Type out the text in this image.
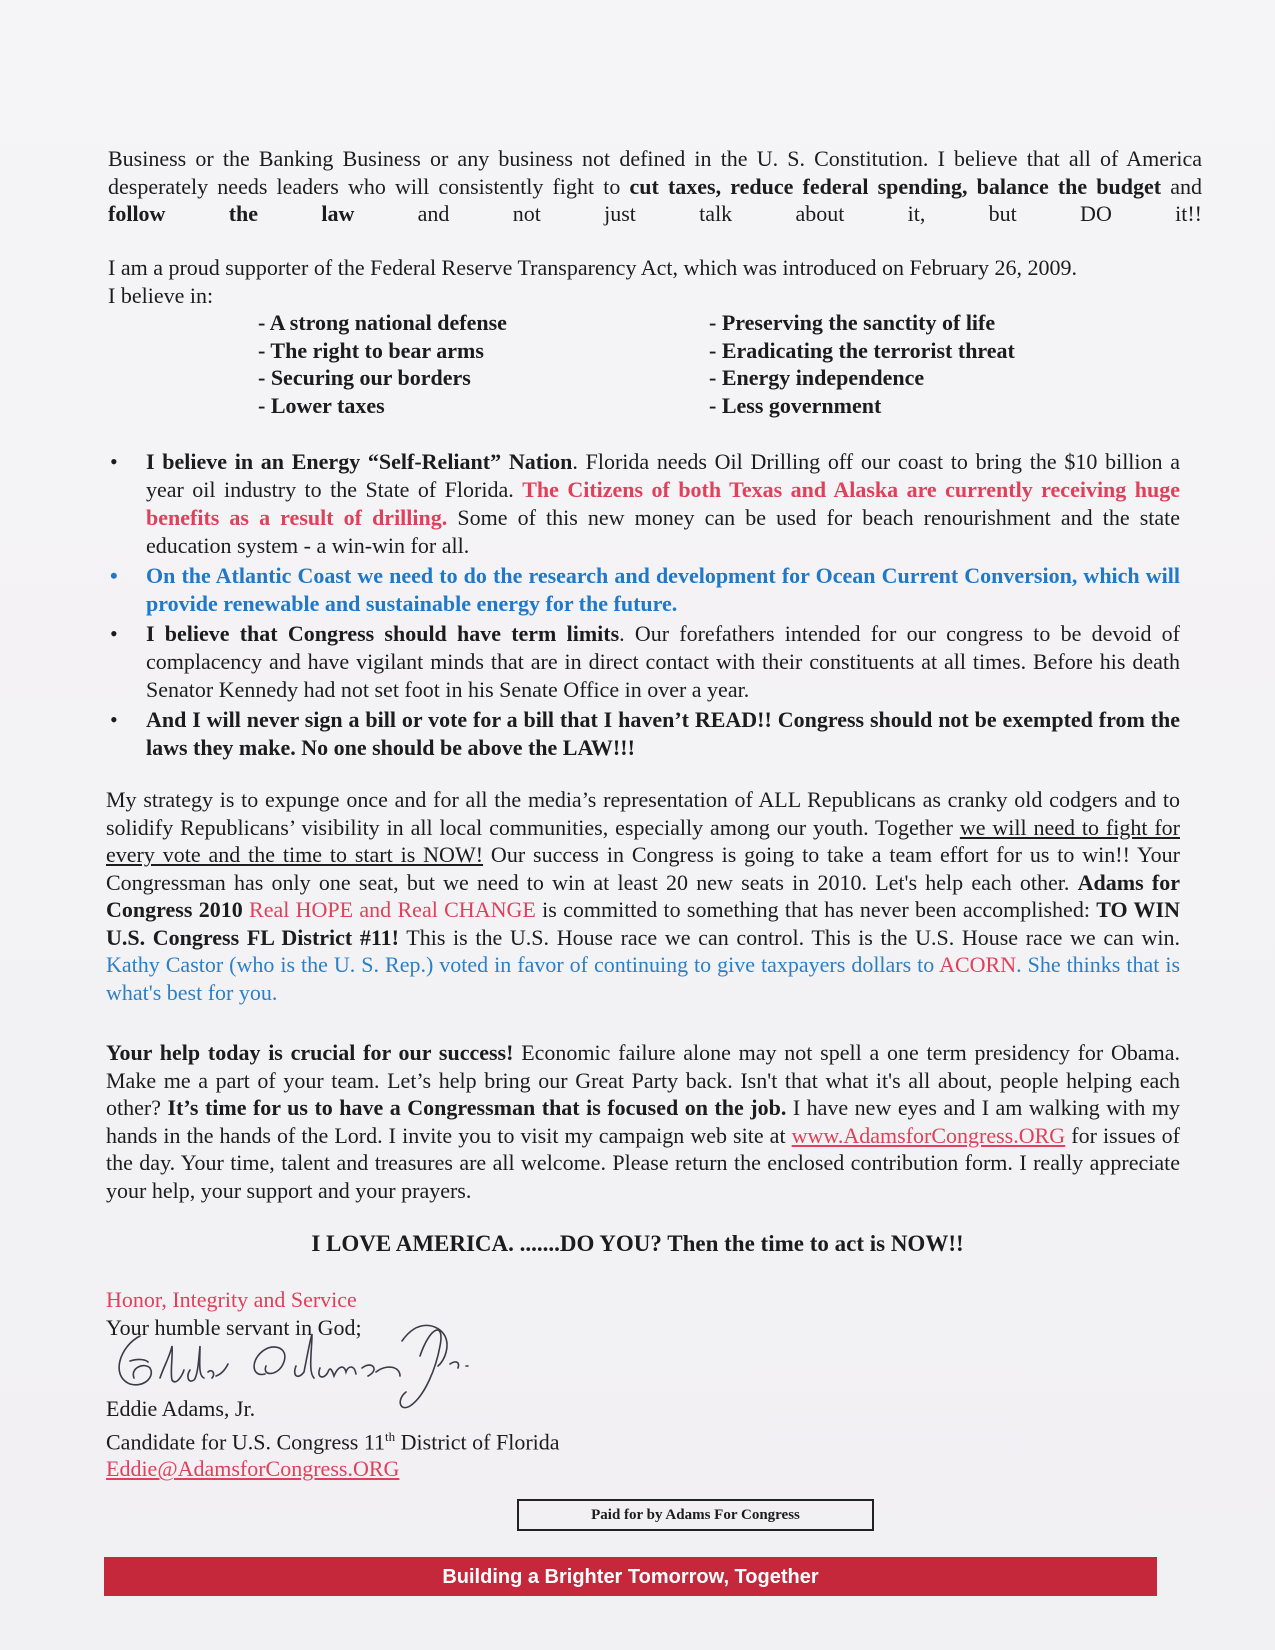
Business or the Banking Business or any business not defined in the U. S. Constitution. I believe that all of America desperately needs leaders who will consistently fight to cut taxes, reduce federal spending, balance the budget and follow the law and not just talk about it, but DO it!!
I am a proud supporter of the Federal Reserve Transparency Act, which was introduced on February 26, 2009.
I believe in:
- A strong national defense
- The right to bear arms
- Securing our borders
- Lower taxes
- Preserving the sanctity of life
- Eradicating the terrorist threat
- Energy independence
- Less government
• I believe in an Energy “Self-Reliant” Nation. Florida needs Oil Drilling off our coast to bring the $10 billion a year oil industry to the State of Florida. The Citizens of both Texas and Alaska are currently receiving huge benefits as a result of drilling. Some of this new money can be used for beach renourishment and the state education system - a win-win for all.
• On the Atlantic Coast we need to do the research and development for Ocean Current Conversion, which will provide renewable and sustainable energy for the future.
• I believe that Congress should have term limits. Our forefathers intended for our congress to be devoid of complacency and have vigilant minds that are in direct contact with their constituents at all times. Before his death Senator Kennedy had not set foot in his Senate Office in over a year.
• And I will never sign a bill or vote for a bill that I haven’t READ!! Congress should not be exempted from the laws they make. No one should be above the LAW!!!
My strategy is to expunge once and for all the media’s representation of ALL Republicans as cranky old codgers and to solidify Republicans’ visibility in all local communities, especially among our youth. Together we will need to fight for every vote and the time to start is NOW! Our success in Congress is going to take a team effort for us to win!! Your Congressman has only one seat, but we need to win at least 20 new seats in 2010. Let's help each other. Adams for Congress 2010 Real HOPE and Real CHANGE is committed to something that has never been accomplished: TO WIN U.S. Congress FL District #11! This is the U.S. House race we can control. This is the U.S. House race we can win. Kathy Castor (who is the U. S. Rep.) voted in favor of continuing to give taxpayers dollars to ACORN. She thinks that is what's best for you.
Your help today is crucial for our success! Economic failure alone may not spell a one term presidency for Obama. Make me a part of your team. Let’s help bring our Great Party back. Isn't that what it's all about, people helping each other? It’s time for us to have a Congressman that is focused on the job. I have new eyes and I am walking with my hands in the hands of the Lord. I invite you to visit my campaign web site at www.AdamsforCongress.ORG for issues of the day. Your time, talent and treasures are all welcome. Please return the enclosed contribution form. I really appreciate your help, your support and your prayers.
I LOVE AMERICA. .......DO YOU? Then the time to act is NOW!!
Honor, Integrity and Service
Your humble servant in God;
Eddie Adams, Jr.
Candidate for U.S. Congress 11th District of Florida
Eddie@AdamsforCongress.ORG
Paid for by Adams For Congress
Building a Brighter Tomorrow, Together
